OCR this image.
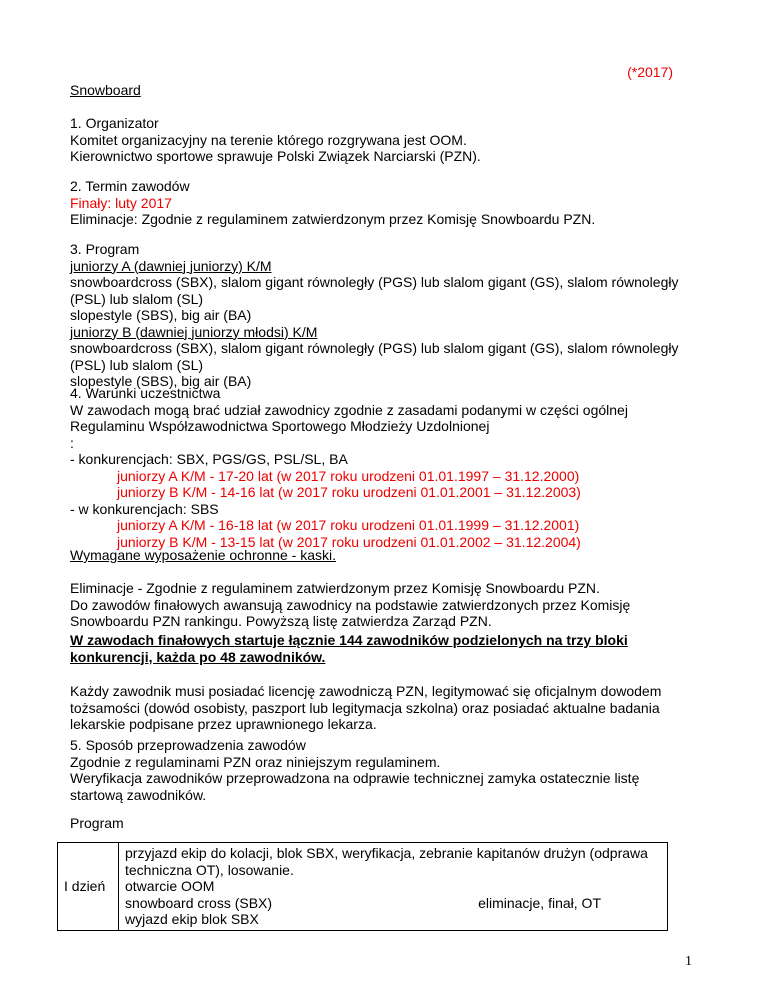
(*2017)
Snowboard
1. Organizator
Komitet organizacyjny na terenie którego rozgrywana jest OOM.
Kierownictwo sportowe sprawuje Polski Związek Narciarski (PZN).
2. Termin zawodów
Finały: luty 2017
Eliminacje: Zgodnie z regulaminem zatwierdzonym przez Komisję Snowboardu PZN.
3. Program
juniorzy A (dawniej juniorzy) K/M
snowboardcross (SBX), slalom gigant równoległy (PGS) lub slalom gigant (GS), slalom równoległy
(PSL) lub slalom (SL)
slopestyle (SBS), big air (BA)
juniorzy B (dawniej juniorzy młodsi) K/M
snowboardcross (SBX), slalom gigant równoległy (PGS) lub slalom gigant (GS), slalom równoległy
(PSL) lub slalom (SL)
slopestyle (SBS), big air (BA)
4. Warunki uczestnictwa
W zawodach mogą brać udział zawodnicy zgodnie z zasadami podanymi w części ogólnej
Regulaminu Współzawodnictwa Sportowego Młodzieży Uzdolnionej
:
- konkurencjach: SBX, PGS/GS, PSL/SL, BA
juniorzy A K/M - 17-20 lat (w 2017 roku urodzeni 01.01.1997 – 31.12.2000)
juniorzy B K/M - 14-16 lat (w 2017 roku urodzeni 01.01.2001 – 31.12.2003)
- w konkurencjach: SBS
juniorzy A K/M - 16-18 lat (w 2017 roku urodzeni 01.01.1999 – 31.12.2001)
juniorzy B K/M - 13-15 lat (w 2017 roku urodzeni 01.01.2002 – 31.12.2004)
Wymagane wyposażenie ochronne - kaski.
Eliminacje - Zgodnie z regulaminem zatwierdzonym przez Komisję Snowboardu PZN.
Do zawodów finałowych awansują zawodnicy na podstawie zatwierdzonych przez Komisję
Snowboardu PZN rankingu. Powyższą listę zatwierdza Zarząd PZN.
W zawodach finałowych startuje łącznie 144 zawodników podzielonych na trzy bloki
konkurencji, każda po 48 zawodników.
Każdy zawodnik musi posiadać licencję zawodniczą PZN, legitymować się oficjalnym dowodem
tożsamości (dowód osobisty, paszport lub legitymacja szkolna) oraz posiadać aktualne badania
lekarskie podpisane przez uprawnionego lekarza.
5. Sposób przeprowadzenia zawodów
Zgodnie z regulaminami PZN oraz niniejszym regulaminem.
Weryfikacja zawodników przeprowadzona na odprawie technicznej zamyka ostatecznie listę
startową zawodników.
Program
I dzień	
przyjazd ekip do kolacji, blok SBX, weryfikacja, zebranie kapitanów drużyn (odprawa
techniczna OT), losowanie.
otwarcie OOM
snowboard cross (SBX)	eliminacje, finał, OT
wyjazd ekip blok SBX
1
